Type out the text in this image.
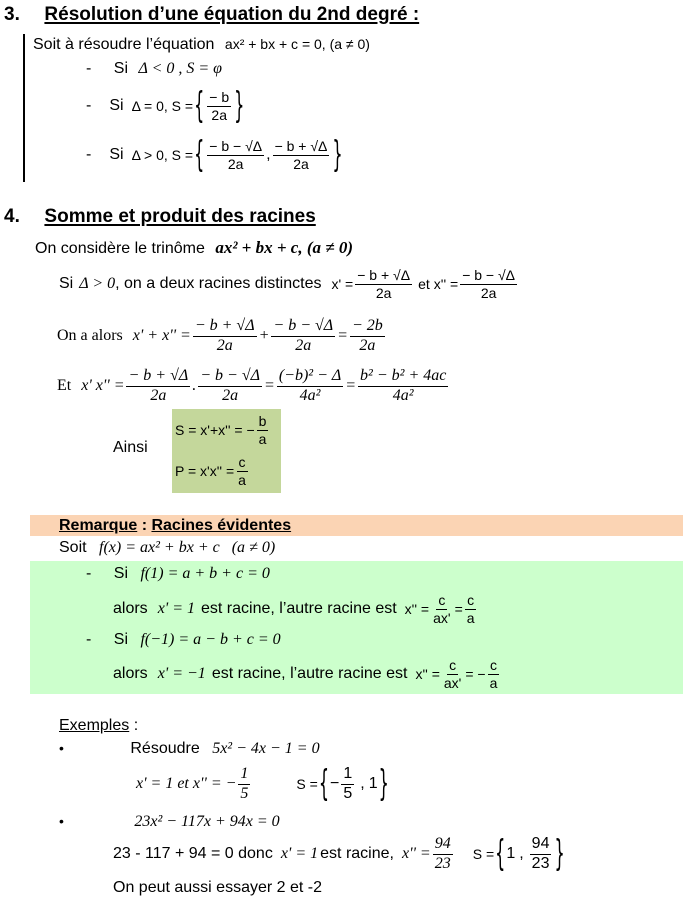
3. Résolution d’une équation du 2nd degré :
Soit à résoudre l’équation ax² + bx + c = 0, (a ≠ 0)
- Si Δ < 0 , S = φ
- Si Δ = 0, S = { $\frac{- b}{2a}$ }
- Si Δ > 0, S = { $\frac{- b - √\Delta}{2a}$ , $\frac{- b + √\Delta}{2a}$ }
4. Somme et produit des racines
On considère le trinôme ax² + bx + c, (a ≠ 0)
Si Δ > 0 , on a deux racines distinctes $x' = \frac{- b + √\Delta}{2a}$ et $x'' = \frac{- b - √\Delta}{2a}$
On a alors $x' + x'' = \frac{- b + √\Delta}{2a} + \frac{- b - √\Delta}{2a} = \frac{- 2b}{2a}$
Et x' $x'' = \frac{- b + √\Delta}{2a}$ . $\frac{- b - √\Delta}{2a} = \frac{\text{(−b)² − Δ}}{\text{4a²}} = \frac{\text{b² − b² + 4ac}}{\text{4a²}}$
Ainsi
S = x'+x'' = − $\frac{b}{a}$
$P = x'x'' = \frac{c}{a}$
Remarque : Racines évidentes
Soit f(x) = ax² + bx + c   (a ≠ 0)
- Si f(1) = a + b + c = 0
alors x' = 1 est racine, l’autre racine est $x'' = \frac{c}{ax'} = \frac{c}{a}$
- Si f(−1) = a − b + c = 0
alors x' = −1 est racine, l’autre racine est $x'' = \frac{c}{ax'}$ = − $\frac{c}{a}$
Exemples :
•	Résoudre 5x² − 4x − 1 = 0
x' = 1 et x'' = − $\frac{1}{5}$	S = { − $\frac{1}{5}$ , 1 }
•	23x² − 117x + 94x = 0
23 - 117 + 94 = 0 donc x' = 1 est racine, $x'' = \frac{94}{23}$ S = { 1 , $\frac{94}{23}$ }
On peut aussi essayer 2 et -2
